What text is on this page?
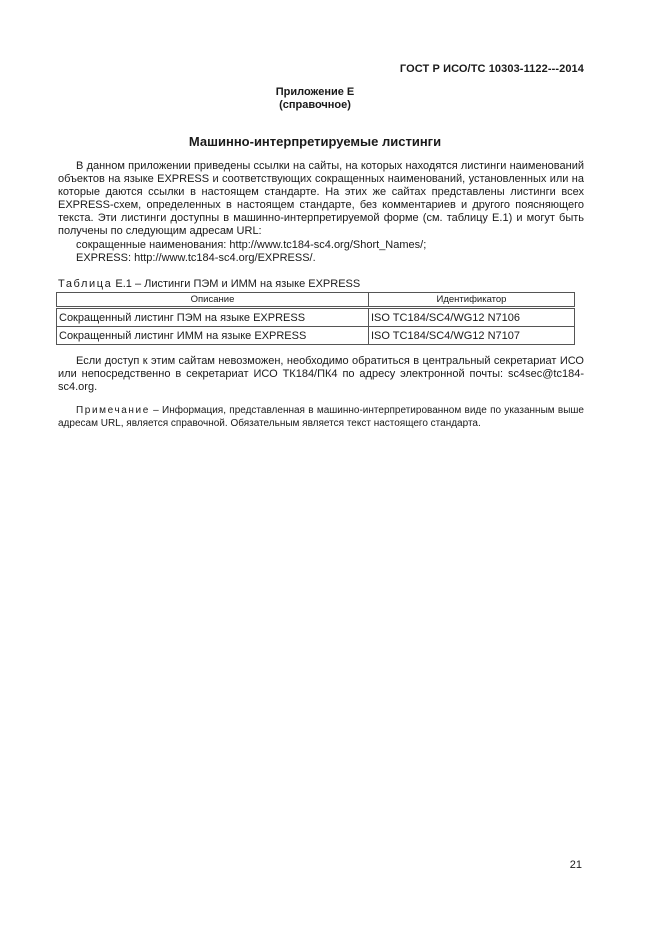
ГОСТ Р ИСО/ТС 10303-1122---2014
Приложение Е
(справочное)
Машинно-интерпретируемые листинги

В данном приложении приведены ссылки на сайты, на которых находятся листинги наименований объектов на языке EXPRESS и соответствующих сокращенных наименований, установленных или на которые даются ссылки в настоящем стандарте. На этих же сайтах представлены листинги всех EXPRESS-схем, определенных в настоящем стандарте, без комментариев и другого поясняющего текста. Эти листинги доступны в машинно-интерпретируемой форме (см. таблицу Е.1) и могут быть получены по следующим адресам URL:

сокращенные наименования: http://www.tc184-sc4.org/Short_Names/;

EXPRESS: http://www.tc184-sc4.org/EXPRESS/.

Таблица Е.1 – Листинги ПЭМ и ИММ на языке EXPRESS
Описание	Идентификатор
Сокращенный листинг ПЭМ на языке EXPRESS	ISO TC184/SC4/WG12 N7106
Сокращенный листинг ИММ на языке EXPRESS	ISO TC184/SC4/WG12 N7107

Если доступ к этим сайтам невозможен, необходимо обратиться в центральный секретариат ИСО или непосредственно в секретариат ИСО ТК184/ПК4 по адресу электронной почты: sc4sec@tc184-sc4.org.

Примечание – Информация, представленная в машинно-интерпретированном виде по указанным выше адресам URL, является справочной. Обязательным является текст настоящего стандарта.

21
